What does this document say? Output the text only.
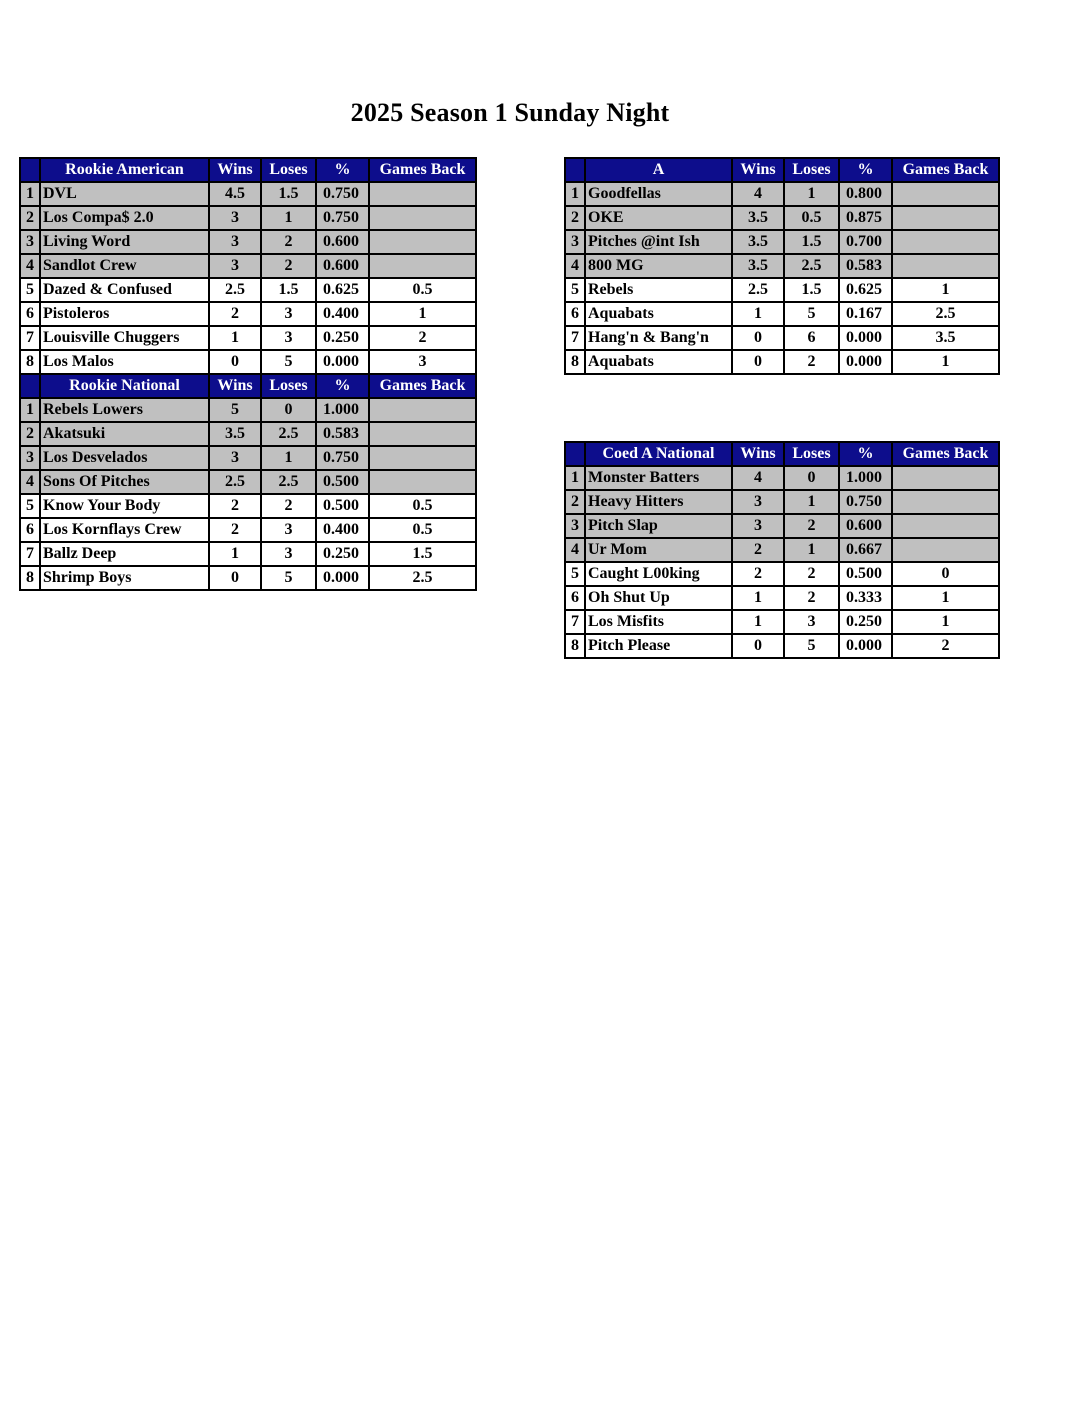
2025 Season 1 Sunday Night
	Rookie American	Wins	Loses	%	Games Back
1	DVL	4.5	1.5	0.750	
2	Los Compa$ 2.0	3	1	0.750	
3	Living Word	3	2	0.600	
4	Sandlot Crew	3	2	0.600	
5	Dazed & Confused	2.5	1.5	0.625	0.5
6	Pistoleros	2	3	0.400	1
7	Louisville Chuggers	1	3	0.250	2
8	Los Malos	0	5	0.000	3
	Rookie National	Wins	Loses	%	Games Back
1	Rebels Lowers	5	0	1.000	
2	Akatsuki	3.5	2.5	0.583	
3	Los Desvelados	3	1	0.750	
4	Sons Of Pitches	2.5	2.5	0.500	
5	Know Your Body	2	2	0.500	0.5
6	Los Kornflays Crew	2	3	0.400	0.5
7	Ballz Deep	1	3	0.250	1.5
8	Shrimp Boys	0	5	0.000	2.5
	A	Wins	Loses	%	Games Back
1	Goodfellas	4	1	0.800	
2	OKE	3.5	0.5	0.875	
3	Pitches @int Ish	3.5	1.5	0.700	
4	800 MG	3.5	2.5	0.583	
5	Rebels	2.5	1.5	0.625	1
6	Aquabats	1	5	0.167	2.5
7	Hang'n & Bang'n	0	6	0.000	3.5
8	Aquabats	0	2	0.000	1
	Coed A National	Wins	Loses	%	Games Back
1	Monster Batters	4	0	1.000	
2	Heavy Hitters	3	1	0.750	
3	Pitch Slap	3	2	0.600	
4	Ur Mom	2	1	0.667	
5	Caught L00king	2	2	0.500	0
6	Oh Shut Up	1	2	0.333	1
7	Los Misfits	1	3	0.250	1
8	Pitch Please	0	5	0.000	2
